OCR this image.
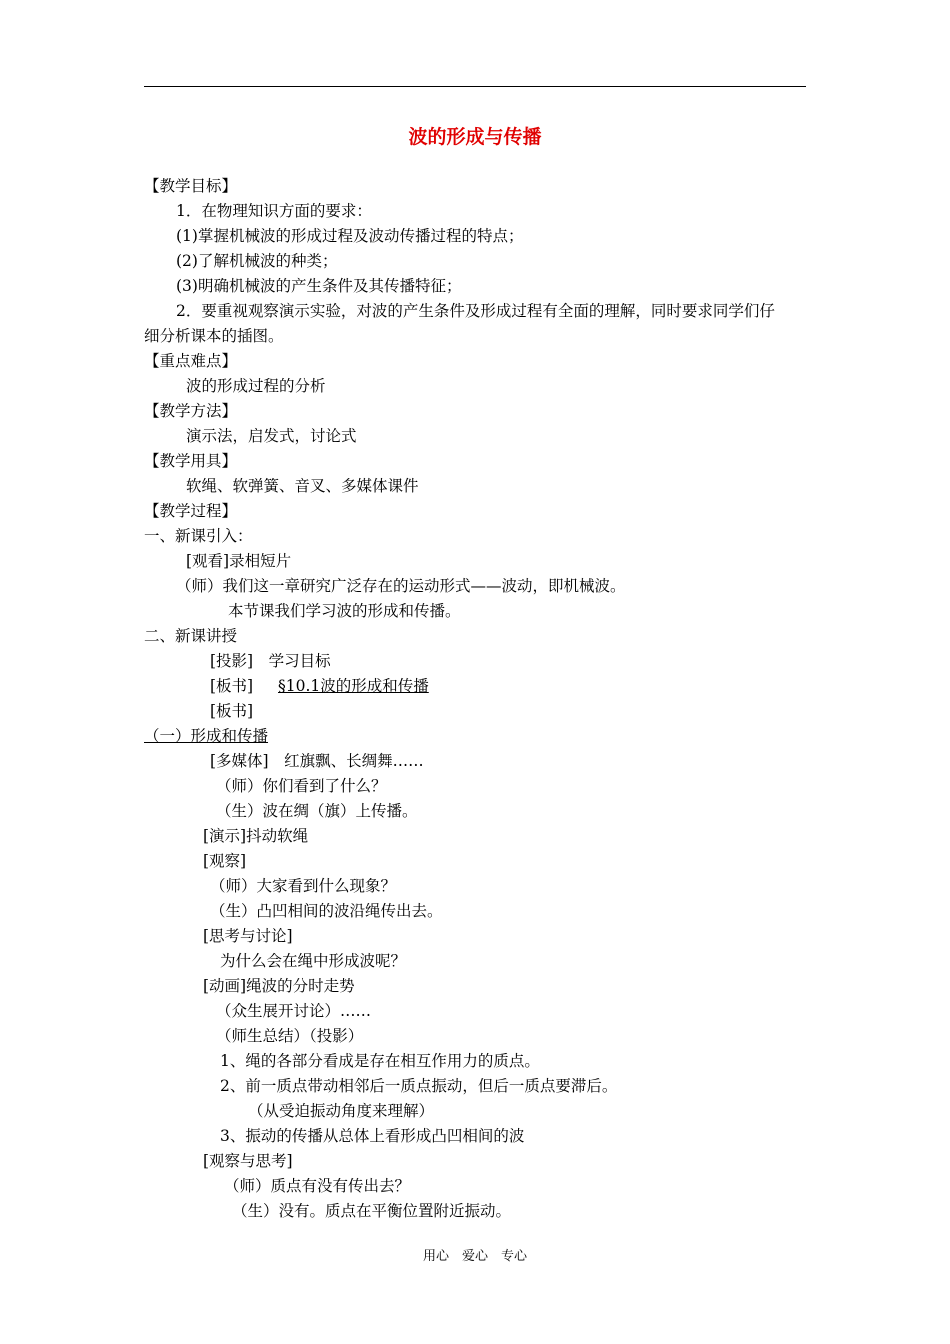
波的形成与传播
【教学目标】
1．在物理知识方面的要求：
(1)掌握机械波的形成过程及波动传播过程的特点；
(2)了解机械波的种类；
(3)明确机械波的产生条件及其传播特征；
2．要重视观察演示实验，对波的产生条件及形成过程有全面的理解，同时要求同学们仔
细分析课本的插图。
【重点难点】
波的形成过程的分析
【教学方法】
演示法，启发式，讨论式
【教学用具】
软绳、软弹簧、音叉、多媒体课件
【教学过程】
一、新课引入：
[观看]录相短片
（师）我们这一章研究广泛存在的运动形式——波动，即机械波。
本节课我们学习波的形成和传播。
二、新课讲授
[投影]　学习目标
[板书]
[板书]
（一）形成和传播
[多媒体]　红旗飘、长绸舞……
（师）你们看到了什么？
（生）波在绸（旗）上传播。
[演示]抖动软绳
[观察]
（师）大家看到什么现象？
（生）凸凹相间的波沿绳传出去。
[思考与讨论]
为什么会在绳中形成波呢？
[动画]绳波的分时走势
（众生展开讨论）……
（师生总结）（投影）
1、绳的各部分看成是存在相互作用力的质点。
2、前一质点带动相邻后一质点振动，但后一质点要滞后。
（从受迫振动角度来理解）
3、振动的传播从总体上看形成凸凹相间的波
[观察与思考]
（师）质点有没有传出去？
（生）没有。质点在平衡位置附近振动。
§10.1波的形成和传播
用心　爱心　专心
